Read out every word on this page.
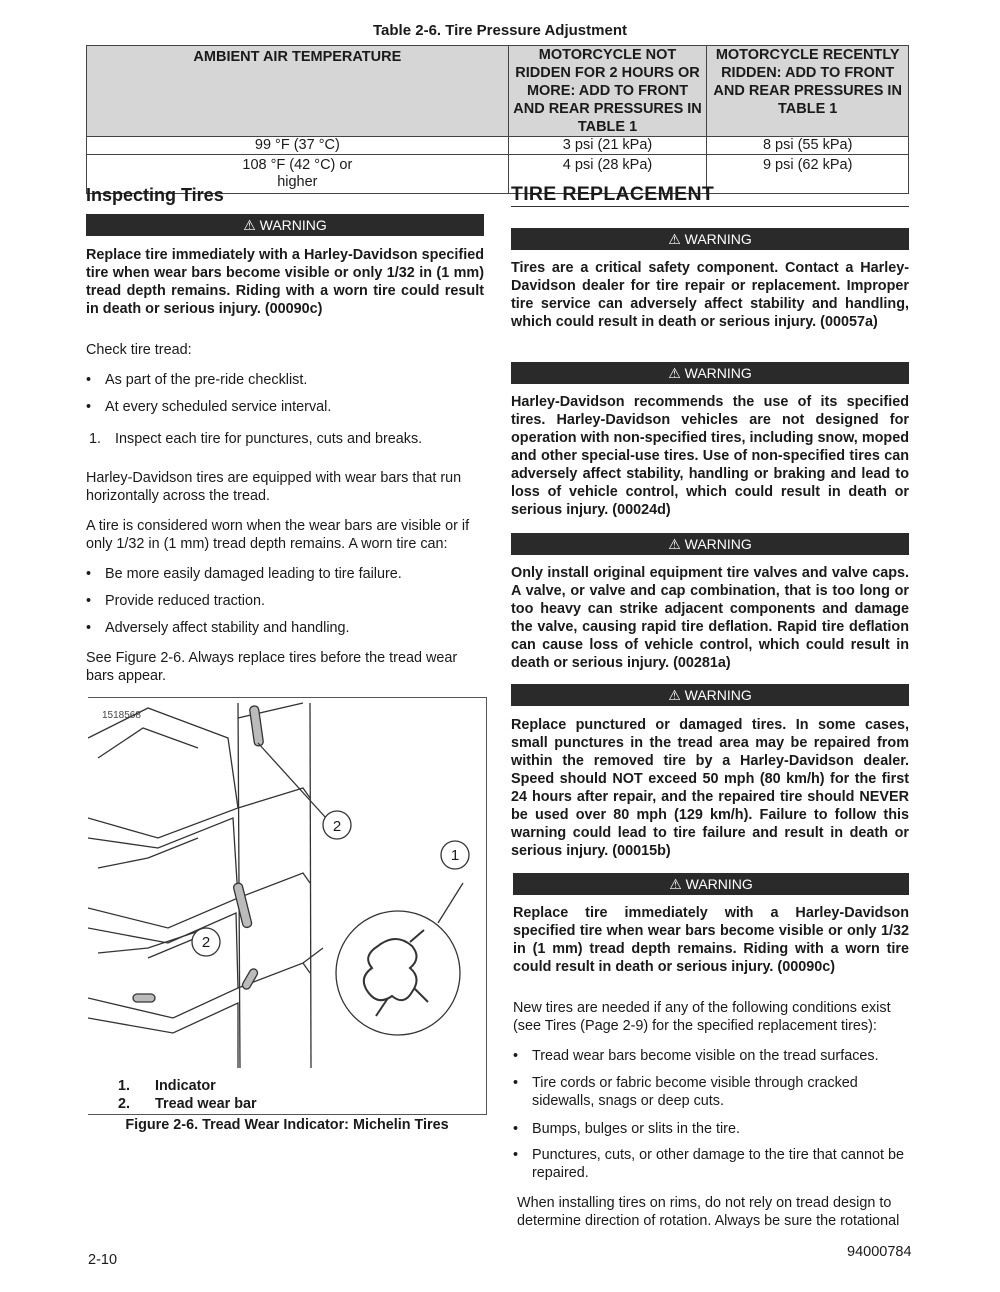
Table 2-6. Tire Pressure Adjustment
AMBIENT AIR TEMPERATURE	MOTORCYCLE NOT RIDDEN FOR 2 HOURS OR MORE: ADD TO FRONT AND REAR PRESSURES IN TABLE 1	MOTORCYCLE RECENTLY RIDDEN: ADD TO FRONT AND REAR PRESSURES IN TABLE 1
99 °F (37 °C)	3 psi (21 kPa)	8 psi (55 kPa)
108 °F (42 °C) or higher	4 psi (28 kPa)	9 psi (62 kPa)
Inspecting Tires
⚠ WARNING
Replace tire immediately with a Harley-Davidson specified tire when wear bars become visible or only 1/32 in (1 mm) tread depth remains. Riding with a worn tire could result in death or serious injury. (00090c)
Check tire tread:
• As part of the pre-ride checklist.
• At every scheduled service interval.
1. Inspect each tire for punctures, cuts and breaks.
Harley-Davidson tires are equipped with wear bars that run horizontally across the tread.
A tire is considered worn when the wear bars are visible or if only 1/32 in (1 mm) tread depth remains. A worn tire can:
• Be more easily damaged leading to tire failure.
• Provide reduced traction.
• Adversely affect stability and handling.
See Figure 2-6. Always replace tires before the tread wear bars appear.
1518568
2
2
1
1. Indicator
2. Tread wear bar
Figure 2-6. Tread Wear Indicator: Michelin Tires
TIRE REPLACEMENT
⚠ WARNING
Tires are a critical safety component. Contact a Harley-Davidson dealer for tire repair or replacement. Improper tire service can adversely affect stability and handling, which could result in death or serious injury. (00057a)
⚠ WARNING
Harley-Davidson recommends the use of its specified tires. Harley-Davidson vehicles are not designed for operation with non-specified tires, including snow, moped and other special-use tires. Use of non-specified tires can adversely affect stability, handling or braking and lead to loss of vehicle control, which could result in death or serious injury. (00024d)
⚠ WARNING
Only install original equipment tire valves and valve caps. A valve, or valve and cap combination, that is too long or too heavy can strike adjacent components and damage the valve, causing rapid tire deflation. Rapid tire deflation can cause loss of vehicle control, which could result in death or serious injury. (00281a)
⚠ WARNING
Replace punctured or damaged tires. In some cases, small punctures in the tread area may be repaired from within the removed tire by a Harley-Davidson dealer. Speed should NOT exceed 50 mph (80 km/h) for the first 24 hours after repair, and the repaired tire should NEVER be used over 80 mph (129 km/h). Failure to follow this warning could lead to tire failure and result in death or serious injury. (00015b)
⚠ WARNING
Replace tire immediately with a Harley-Davidson specified tire when wear bars become visible or only 1/32 in (1 mm) tread depth remains. Riding with a worn tire could result in death or serious injury. (00090c)
New tires are needed if any of the following conditions exist (see Tires (Page 2-9) for the specified replacement tires):
• Tread wear bars become visible on the tread surfaces.
• Tire cords or fabric become visible through cracked sidewalls, snags or deep cuts.
• Bumps, bulges or slits in the tire.
• Punctures, cuts, or other damage to the tire that cannot be repaired.
When installing tires on rims, do not rely on tread design to determine direction of rotation. Always be sure the rotational
2-10	94000784
